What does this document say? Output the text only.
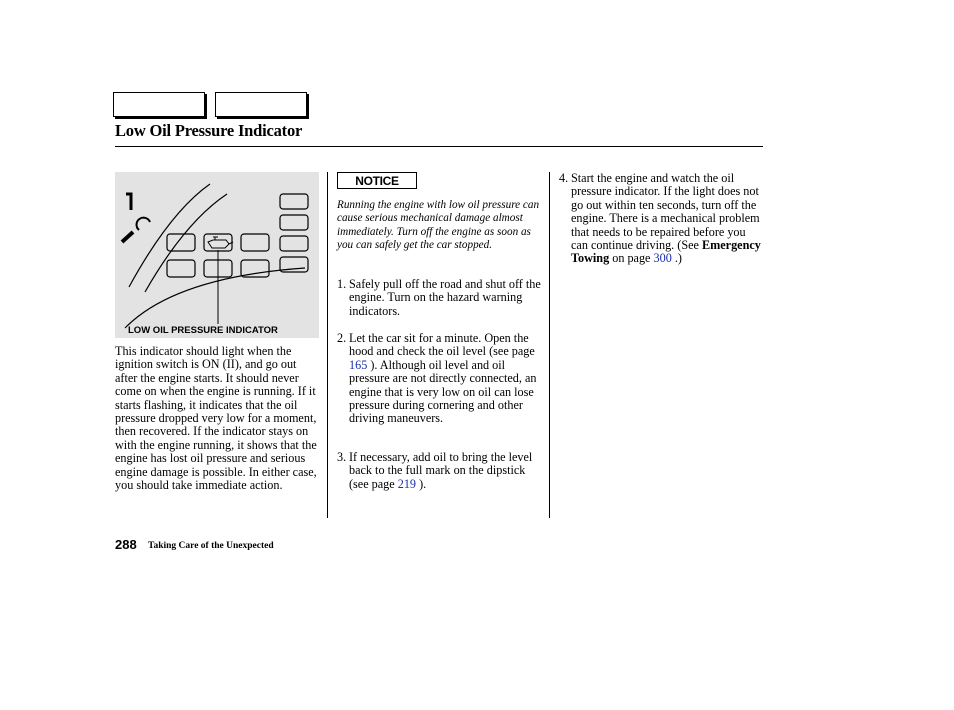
Low Oil Pressure Indicator
LOW OIL PRESSURE INDICATOR
This indicator should light when the ignition switch is ON (II), and go out after the engine starts. It should never come on when the engine is running. If it starts flashing, it indicates that the oil pressure dropped very low for a moment, then recovered. If the indicator stays on with the engine running, it shows that the engine has lost oil pressure and serious engine damage is possible. In either case, you should take immediate action.
NOTICE
Running the engine with low oil pressure can cause serious mechanical damage almost immediately. Turn off the engine as soon as you can safely get the car stopped.
1. Safely pull off the road and shut off the engine. Turn on the hazard warning indicators.
2. Let the car sit for a minute. Open the hood and check the oil level (see page 165 ). Although oil level and oil pressure are not directly connected, an engine that is very low on oil can lose pressure during cornering and other driving maneuvers.
3. If necessary, add oil to bring the level back to the full mark on the dipstick (see page 219 ).
4. Start the engine and watch the oil pressure indicator. If the light does not go out within ten seconds, turn off the engine. There is a mechanical problem that needs to be repaired before you can continue driving. (See Emergency Towing on page 300 .)
288 Taking Care of the Unexpected
